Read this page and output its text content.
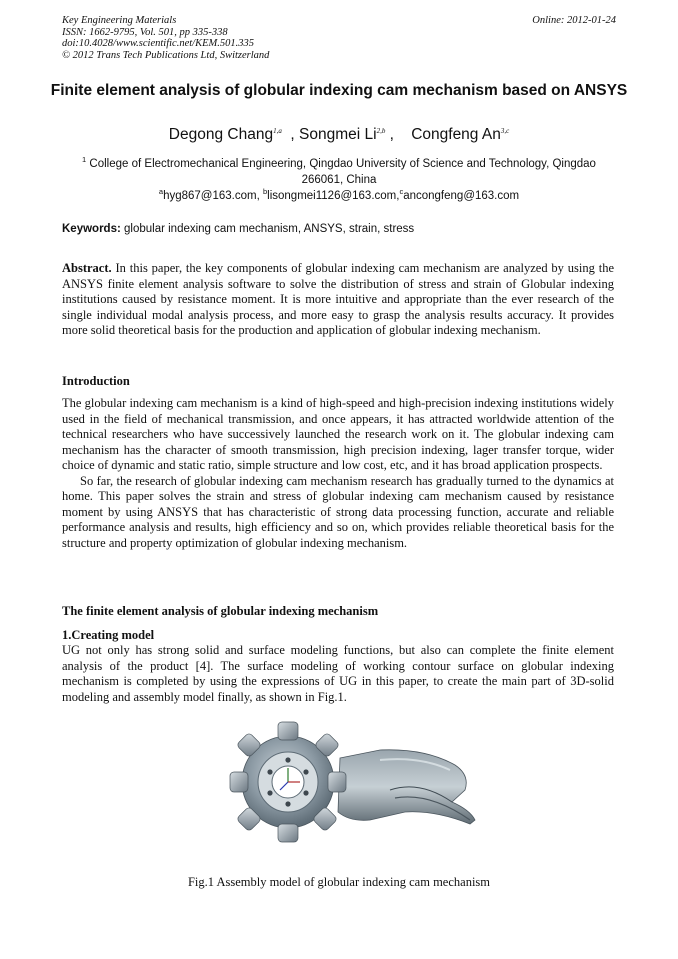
Key Engineering Materials
ISSN: 1662-9795, Vol. 501, pp 335-338
doi:10.4028/www.scientific.net/KEM.501.335
© 2012 Trans Tech Publications Ltd, Switzerland
Online: 2012-01-24
Finite element analysis of globular indexing cam mechanism based on ANSYS
Degong Chang$^{1,a}$  , Songmei Li$^{2,b}$ ,    Congfeng An$^{3,c}$
$^1$ College of Electromechanical Engineering, Qingdao University of Science and Technology, Qingdao 266061, China
$^a$hyg867@163.com, $^b$lisongmei1126@163.com,$^c$ancongfeng@163.com
Keywords: globular indexing cam mechanism, ANSYS, strain, stress

Abstract. In this paper, the key components of globular indexing cam mechanism are analyzed by using the ANSYS finite element analysis software to solve the distribution of stress and strain of Globular indexing institutions caused by resistance moment. It is more intuitive and appropriate than the ever research of the single individual modal analysis process, and more easy to grasp the analysis results accuracy. It provides more solid theoretical basis for the production and application of globular indexing mechanism.

Introduction

The globular indexing cam mechanism is a kind of high-speed and high-precision indexing institutions widely used in the field of mechanical transmission, and once appears, it has attracted worldwide attention of the technical researchers who have successively launched the research work on it. The globular indexing cam mechanism has the character of smooth transmission, high precision indexing, lager transfer torque, wider choice of dynamic and static ratio, simple structure and low cost, etc, and it has broad application prospects.

So far, the research of globular indexing cam mechanism research has gradually turned to the dynamics at home. This paper solves the strain and stress of globular indexing cam mechanism caused by resistance moment by using ANSYS that has characteristic of strong data processing function, accurate and reliable performance analysis and results, high efficiency and so on, which provides reliable theoretical basis for the structure and property optimization of globular indexing mechanism.

The finite element analysis of globular indexing mechanism
1.Creating model

UG not only has strong solid and surface modeling functions, but also can complete the finite element analysis of the product [4]. The surface modeling of working contour surface on globular indexing mechanism is completed by using the expressions of UG in this paper, to create the main part of 3D-solid modeling and assembly model finally, as shown in Fig.1.

Fig.1 Assembly model of globular indexing cam mechanism
